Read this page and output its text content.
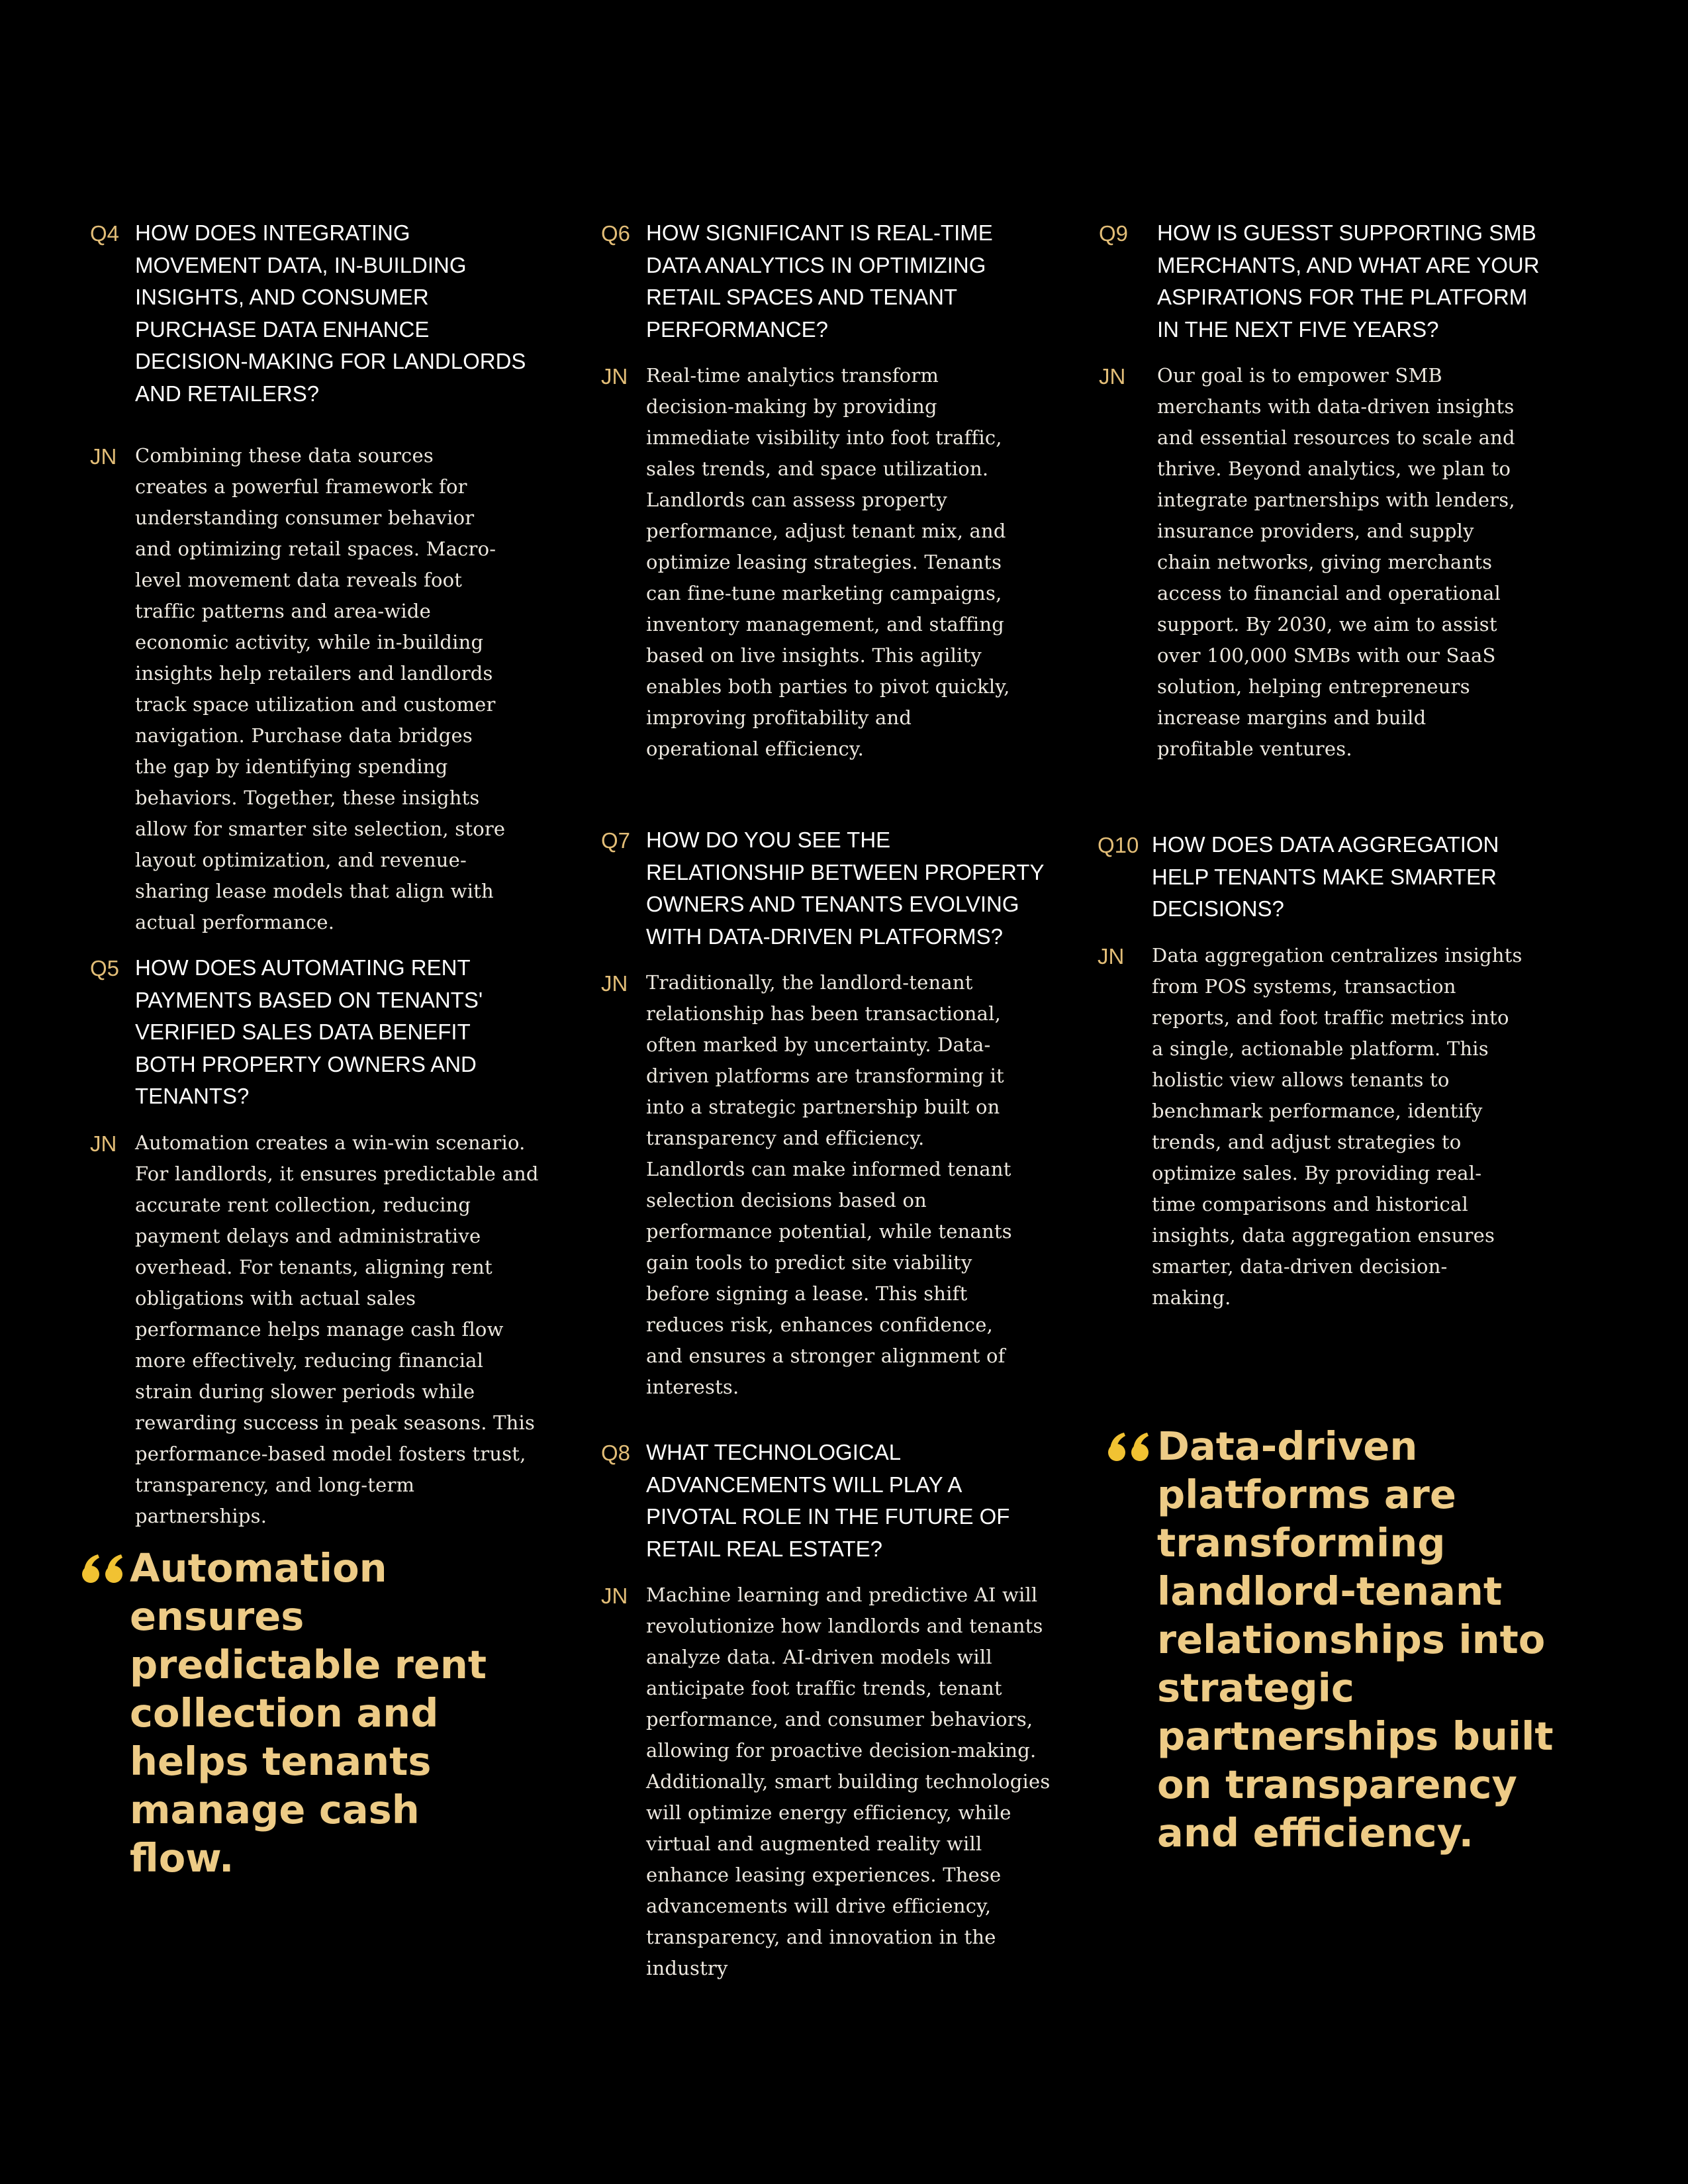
Q4 HOW DOES INTEGRATING MOVEMENT DATA, IN-BUILDING INSIGHTS, AND CONSUMER PURCHASE DATA ENHANCE DECISION-MAKING FOR LANDLORDS AND RETAILERS?
JN Combining these data sources creates a powerful framework for understanding consumer behavior and optimizing retail spaces. Macro-level movement data reveals foot traffic patterns and area-wide economic activity, while in-building insights help retailers and landlords track space utilization and customer navigation. Purchase data bridges the gap by identifying spending behaviors. Together, these insights allow for smarter site selection, store layout optimization, and revenue-sharing lease models that align with actual performance.
Q5 HOW DOES AUTOMATING RENT PAYMENTS BASED ON TENANTS' VERIFIED SALES DATA BENEFIT BOTH PROPERTY OWNERS AND TENANTS?
JN Automation creates a win-win scenario. For landlords, it ensures predictable and accurate rent collection, reducing payment delays and administrative overhead. For tenants, aligning rent obligations with actual sales performance helps manage cash flow more effectively, reducing financial strain during slower periods while rewarding success in peak seasons. This performance-based model fosters trust, transparency, and long-term partnerships.
Automation ensures predictable rent collection and helps tenants manage cash flow.
Q6 HOW SIGNIFICANT IS REAL-TIME DATA ANALYTICS IN OPTIMIZING RETAIL SPACES AND TENANT PERFORMANCE?
JN Real-time analytics transform decision-making by providing immediate visibility into foot traffic, sales trends, and space utilization. Landlords can assess property performance, adjust tenant mix, and optimize leasing strategies. Tenants can fine-tune marketing campaigns, inventory management, and staffing based on live insights. This agility enables both parties to pivot quickly, improving profitability and operational efficiency.
Q7 HOW DO YOU SEE THE RELATIONSHIP BETWEEN PROPERTY OWNERS AND TENANTS EVOLVING WITH DATA-DRIVEN PLATFORMS?
JN Traditionally, the landlord-tenant relationship has been transactional, often marked by uncertainty. Data-driven platforms are transforming it into a strategic partnership built on transparency and efficiency. Landlords can make informed tenant selection decisions based on performance potential, while tenants gain tools to predict site viability before signing a lease. This shift reduces risk, enhances confidence, and ensures a stronger alignment of interests.
Q8 WHAT TECHNOLOGICAL ADVANCEMENTS WILL PLAY A PIVOTAL ROLE IN THE FUTURE OF RETAIL REAL ESTATE?
JN Machine learning and predictive AI will revolutionize how landlords and tenants analyze data. AI-driven models will anticipate foot traffic trends, tenant performance, and consumer behaviors, allowing for proactive decision-making. Additionally, smart building technologies will optimize energy efficiency, while virtual and augmented reality will enhance leasing experiences. These advancements will drive efficiency, transparency, and innovation in the industry
Q9 HOW IS GUESST SUPPORTING SMB MERCHANTS, AND WHAT ARE YOUR ASPIRATIONS FOR THE PLATFORM IN THE NEXT FIVE YEARS?
JN Our goal is to empower SMB merchants with data-driven insights and essential resources to scale and thrive. Beyond analytics, we plan to integrate partnerships with lenders, insurance providers, and supply chain networks, giving merchants access to financial and operational support. By 2030, we aim to assist over 100,000 SMBs with our SaaS solution, helping entrepreneurs increase margins and build profitable ventures.
Q10 HOW DOES DATA AGGREGATION HELP TENANTS MAKE SMARTER DECISIONS?
JN Data aggregation centralizes insights from POS systems, transaction reports, and foot traffic metrics into a single, actionable platform. This holistic view allows tenants to benchmark performance, identify trends, and adjust strategies to optimize sales. By providing real-time comparisons and historical insights, data aggregation ensures smarter, data-driven decision-making.
Data-driven platforms are transforming landlord-tenant relationships into strategic partnerships built on transparency and efficiency.
